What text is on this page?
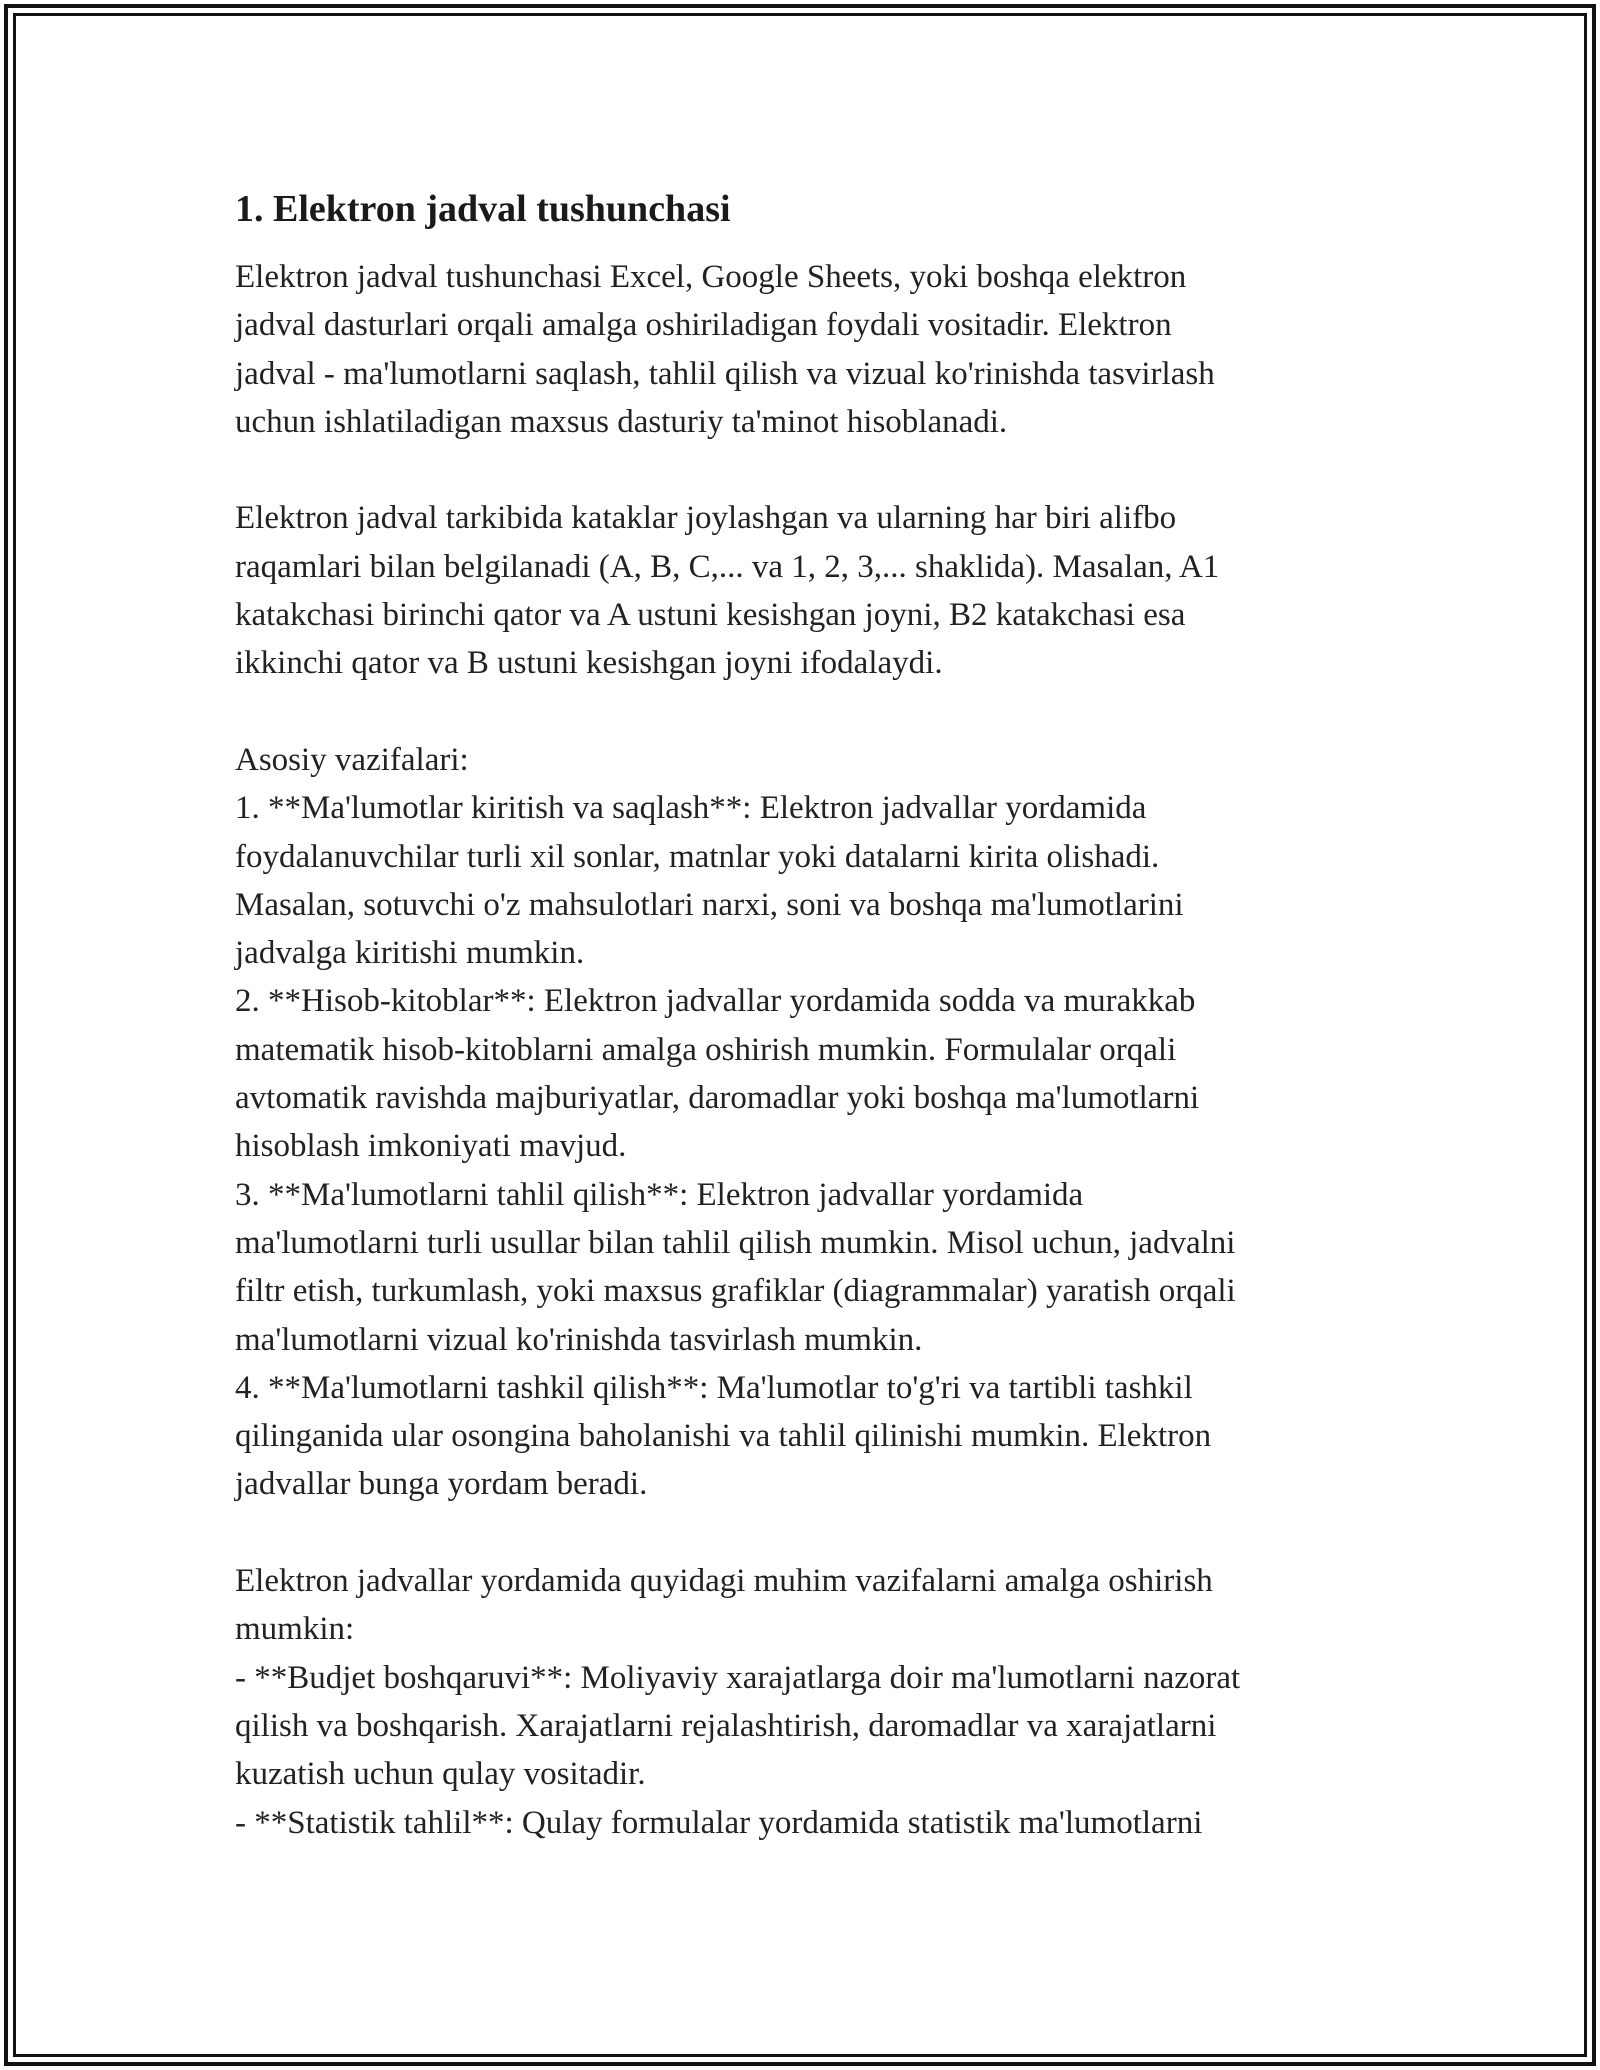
1. Elektron jadval tushunchasi

Elektron jadval tushunchasi Excel, Google Sheets, yoki boshqa elektron
jadval dasturlari orqali amalga oshiriladigan foydali vositadir. Elektron
jadval - ma'lumotlarni saqlash, tahlil qilish va vizual ko'rinishda tasvirlash
uchun ishlatiladigan maxsus dasturiy ta'minot hisoblanadi.

Elektron jadval tarkibida kataklar joylashgan va ularning har biri alifbo
raqamlari bilan belgilanadi (A, B, C,... va 1, 2, 3,... shaklida). Masalan, A1
katakchasi birinchi qator va A ustuni kesishgan joyni, B2 katakchasi esa
ikkinchi qator va B ustuni kesishgan joyni ifodalaydi.

Asosiy vazifalari:

1. **Ma'lumotlar kiritish va saqlash**: Elektron jadvallar yordamida
foydalanuvchilar turli xil sonlar, matnlar yoki datalarni kirita olishadi.
Masalan, sotuvchi o'z mahsulotlari narxi, soni va boshqa ma'lumotlarini
jadvalga kiritishi mumkin.

2. **Hisob-kitoblar**: Elektron jadvallar yordamida sodda va murakkab
matematik hisob-kitoblarni amalga oshirish mumkin. Formulalar orqali
avtomatik ravishda majburiyatlar, daromadlar yoki boshqa ma'lumotlarni
hisoblash imkoniyati mavjud.

3. **Ma'lumotlarni tahlil qilish**: Elektron jadvallar yordamida
ma'lumotlarni turli usullar bilan tahlil qilish mumkin. Misol uchun, jadvalni
filtr etish, turkumlash, yoki maxsus grafiklar (diagrammalar) yaratish orqali
ma'lumotlarni vizual ko'rinishda tasvirlash mumkin.

4. **Ma'lumotlarni tashkil qilish**: Ma'lumotlar to'g'ri va tartibli tashkil
qilinganida ular osongina baholanishi va tahlil qilinishi mumkin. Elektron
jadvallar bunga yordam beradi.

Elektron jadvallar yordamida quyidagi muhim vazifalarni amalga oshirish
mumkin:

- **Budjet boshqaruvi**: Moliyaviy xarajatlarga doir ma'lumotlarni nazorat
qilish va boshqarish. Xarajatlarni rejalashtirish, daromadlar va xarajatlarni
kuzatish uchun qulay vositadir.

- **Statistik tahlil**: Qulay formulalar yordamida statistik ma'lumotlarni
